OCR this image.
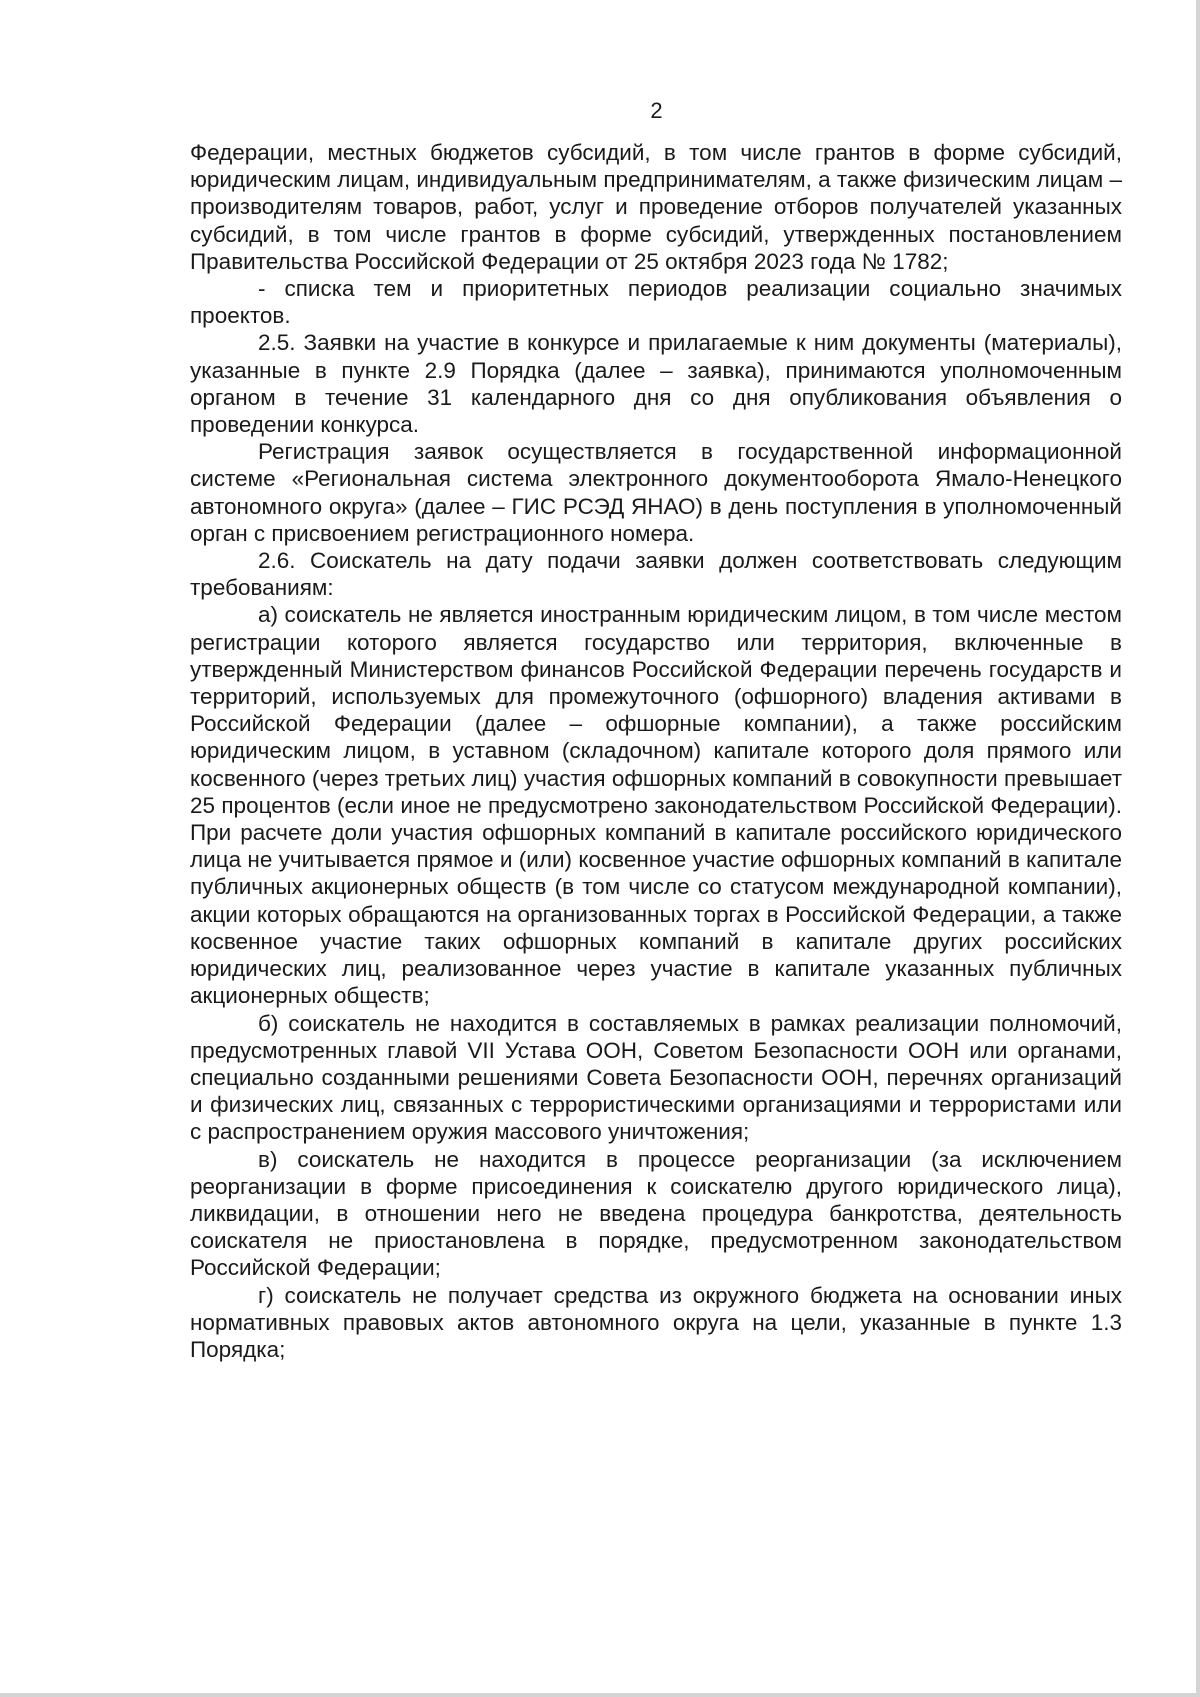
2

Федерации, местных бюджетов субсидий, в том числе грантов в форме субсидий, юридическим лицам, индивидуальным предпринимателям, а также физическим лицам – производителям товаров, работ, услуг и проведение отборов получателей указанных субсидий, в том числе грантов в форме субсидий, утвержденных постановлением Правительства Российской Федерации от 25 октября 2023 года № 1782;

- списка тем и приоритетных периодов реализации социально значимых проектов.

2.5. Заявки на участие в конкурсе и прилагаемые к ним документы (материалы), указанные в пункте 2.9 Порядка (далее – заявка), принимаются уполномоченным органом в течение 31 календарного дня со дня опубликования объявления о проведении конкурса.

Регистрация заявок осуществляется в государственной информационной системе «Региональная система электронного документооборота Ямало-Ненецкого автономного округа» (далее – ГИС РСЭД ЯНАО) в день поступления в уполномоченный орган с присвоением регистрационного номера.

2.6. Соискатель на дату подачи заявки должен соответствовать следующим требованиям:

а) соискатель не является иностранным юридическим лицом, в том числе местом регистрации которого является государство или территория, включенные в утвержденный Министерством финансов Российской Федерации перечень государств и территорий, используемых для промежуточного (офшорного) владения активами в Российской Федерации (далее – офшорные компании), а также российским юридическим лицом, в уставном (складочном) капитале которого доля прямого или косвенного (через третьих лиц) участия офшорных компаний в совокупности превышает 25 процентов (если иное не предусмотрено законодательством Российской Федерации). При расчете доли участия офшорных компаний в капитале российского юридического лица не учитывается прямое и (или) косвенное участие офшорных компаний в капитале публичных акционерных обществ (в том числе со статусом международной компании), акции которых обращаются на организованных торгах в Российской Федерации, а также косвенное участие таких офшорных компаний в капитале других российских юридических лиц, реализованное через участие в капитале указанных публичных акционерных обществ;

б) соискатель не находится в составляемых в рамках реализации полномочий, предусмотренных главой VII Устава ООН, Советом Безопасности ООН или органами, специально созданными решениями Совета Безопасности ООН, перечнях организаций и физических лиц, связанных с террористическими организациями и террористами или с распространением оружия массового уничтожения;

в) соискатель не находится в процессе реорганизации (за исключением реорганизации в форме присоединения к соискателю другого юридического лица), ликвидации, в отношении него не введена процедура банкротства, деятельность соискателя не приостановлена в порядке, предусмотренном законодательством Российской Федерации;

г) соискатель не получает средства из окружного бюджета на основании иных нормативных правовых актов автономного округа на цели, указанные в пункте 1.3 Порядка;
